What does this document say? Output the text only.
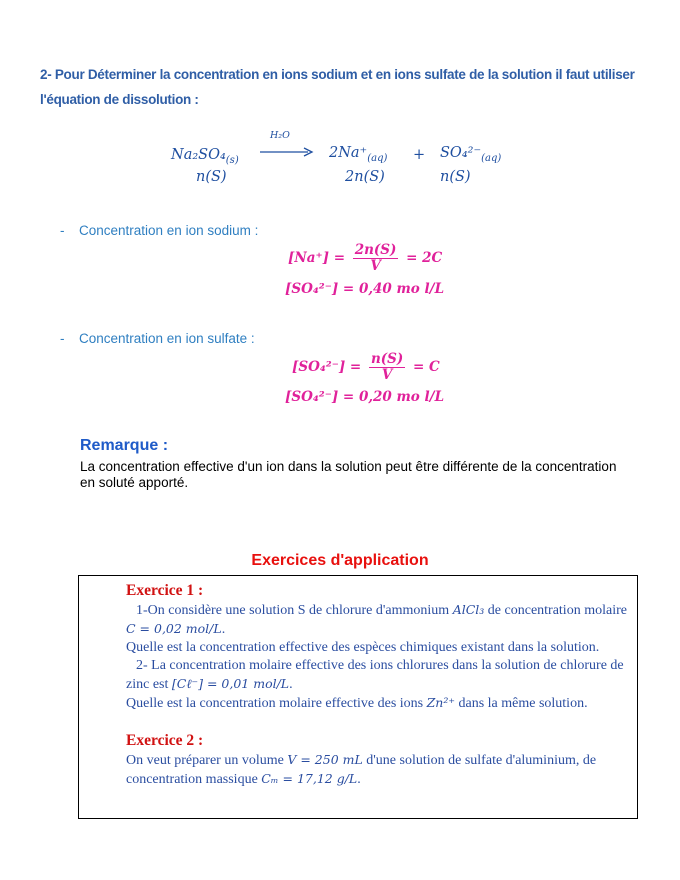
2- Pour Déterminer la concentration en ions sodium et en ions sulfate de la solution il faut utiliser l'équation de dissolution :
$Na_2SO_4_{(s)}$
H₂O
$2Na^+_{(aq)} + SO_4^{2-}_{(aq)}$
n(S)	2n(S)	n(S)
- Concentration en ion sodium :
$[Na^+] = \frac{2n(S)}{V} = 2C$
[SO₄²⁻] = 0,40 mo l/L
- Concentration en ion sulfate :
$[SO_4^{2-}] = \frac{n(S)}{V} = C$
[SO₄²⁻] = 0,20 mo l/L
Remarque :
La concentration effective d'un ion dans la solution peut être différente de la concentration en soluté apporté.
Exercices d'application
Exercice 1 :
1-On considère une solution S de chlorure d'ammonium AlCl₃ de concentration molaire C = 0,02 mol/L.
Quelle est la concentration effective des espèces chimiques existant dans la solution.
2- La concentration molaire effective des ions chlorures dans la solution de chlorure de zinc est [Cℓ⁻] = 0,01 mol/L.
Quelle est la concentration molaire effective des ions Zn²⁺ dans la même solution.
Exercice 2 :
On veut préparer un volume V = 250 mL d'une solution de sulfate d'aluminium, de concentration massique Cₘ = 17,12 g/L.
